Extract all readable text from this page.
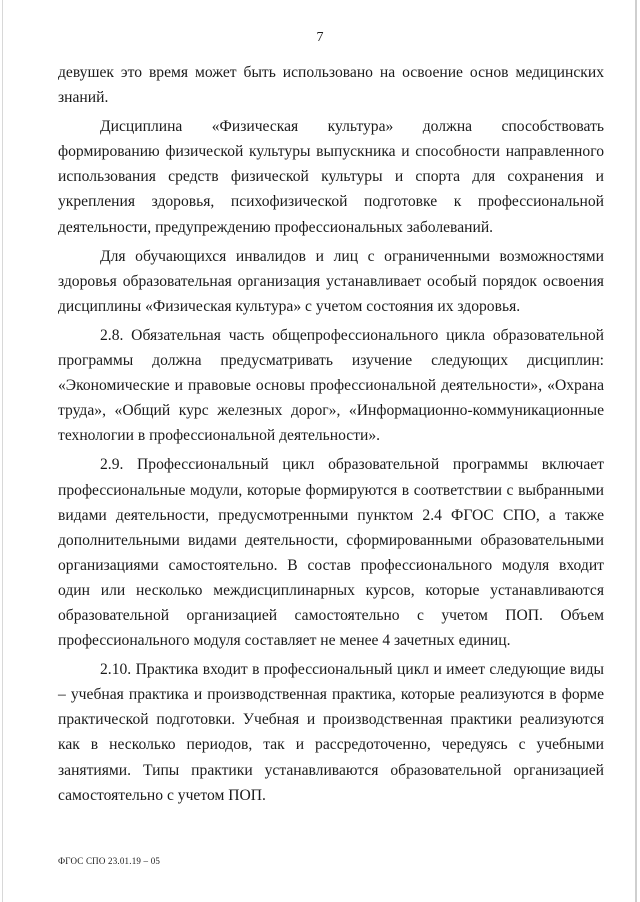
7

девушек это время может быть использовано на освоение основ медицинских знаний.

Дисциплина «Физическая культура» должна способствовать формированию физической культуры выпускника и способности направленного использования средств физической культуры и спорта для сохранения и укрепления здоровья, психофизической подготовке к профессиональной деятельности, предупреждению профессиональных заболеваний.

Для обучающихся инвалидов и лиц с ограниченными возможностями здоровья образовательная организация устанавливает особый порядок освоения дисциплины «Физическая культура» с учетом состояния их здоровья.

2.8. Обязательная часть общепрофессионального цикла образовательной программы должна предусматривать изучение следующих дисциплин: «Экономические и правовые основы профессиональной деятельности», «Охрана труда», «Общий курс железных дорог», «Информационно-коммуникационные технологии в профессиональной деятельности».

2.9. Профессиональный цикл образовательной программы включает профессиональные модули, которые формируются в соответствии с выбранными видами деятельности, предусмотренными пунктом 2.4 ФГОС СПО, а также дополнительными видами деятельности, сформированными образовательными организациями самостоятельно. В состав профессионального модуля входит один или несколько междисциплинарных курсов, которые устанавливаются образовательной организацией самостоятельно с учетом ПОП. Объем профессионального модуля составляет не менее 4 зачетных единиц.

2.10. Практика входит в профессиональный цикл и имеет следующие виды – учебная практика и производственная практика, которые реализуются в форме практической подготовки. Учебная и производственная практики реализуются как в несколько периодов, так и рассредоточенно, чередуясь с учебными занятиями. Типы практики устанавливаются образовательной организацией самостоятельно с учетом ПОП.

ФГОС СПО 23.01.19 – 05
